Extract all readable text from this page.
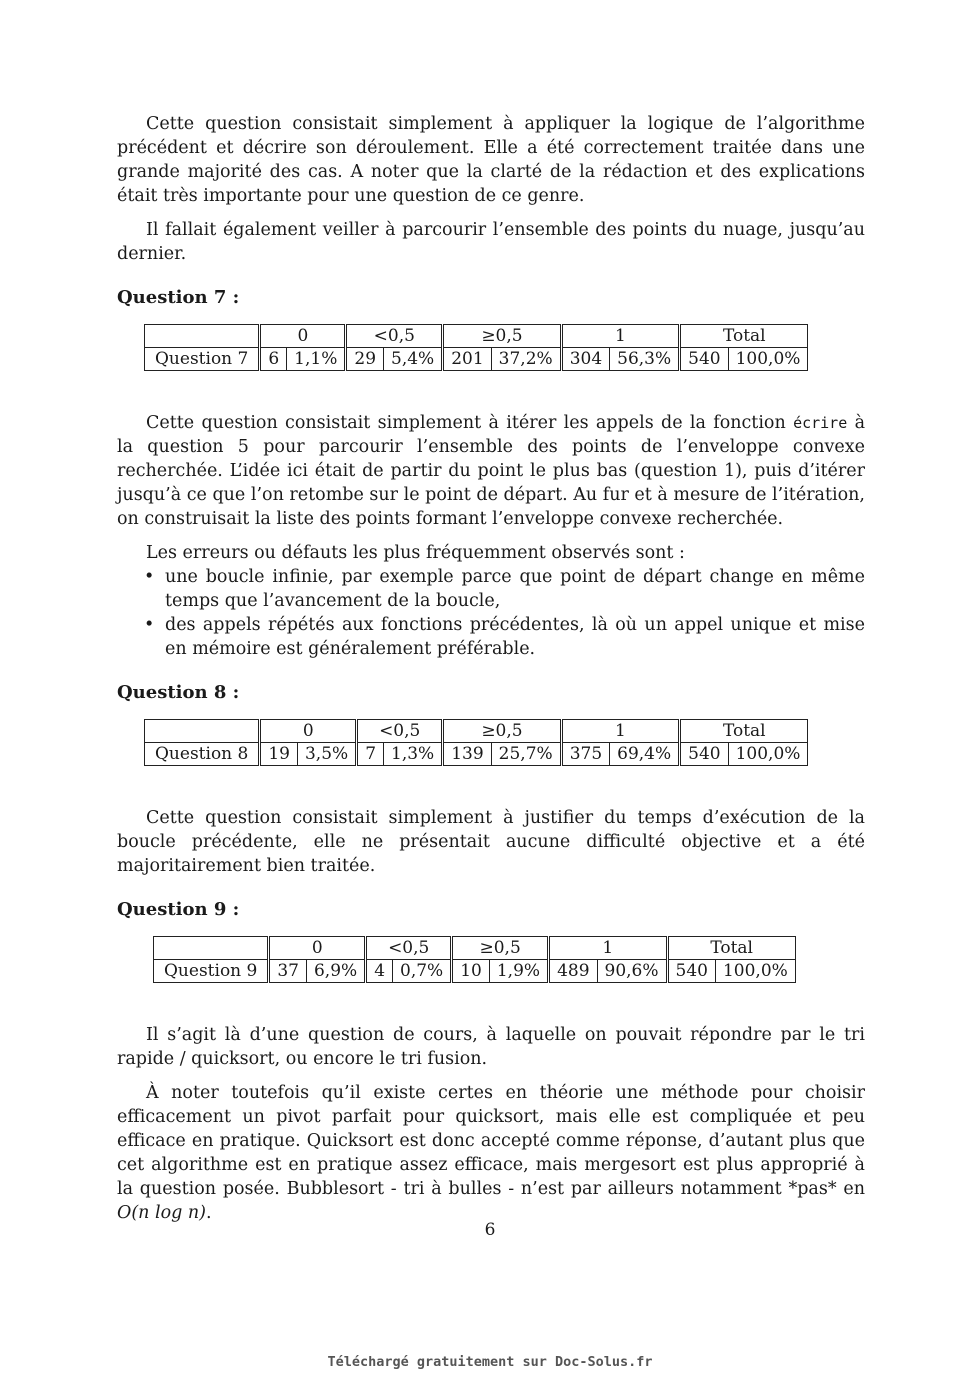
Cette question consistait simplement à appliquer la logique de l’algorithme précédent et décrire son déroulement. Elle a été correctement traitée dans une grande majorité des cas. A noter que la clarté de la rédaction et des explications était très importante pour une question de ce genre.

Il fallait également veiller à parcourir l’ensemble des points du nuage, jusqu’au dernier.

Question 7 :
	0		<0,5		≥0,5		1		Total	
Question 7	6	1,1%	29	5,4%	201	37,2%	304	56,3%	540	100,0%

Cette question consistait simplement à itérer les appels de la fonction écrire à la question 5 pour parcourir l’ensemble des points de l’enveloppe convexe recherchée. L’idée ici était de partir du point le plus bas (question 1), puis d’itérer jusqu’à ce que l’on retombe sur le point de départ. Au fur et à mesure de l’itération, on construisait la liste des points formant l’enveloppe convexe recherchée.

Les erreurs ou défauts les plus fréquemment observés sont :

• une boucle infinie, par exemple parce que point de départ change en même temps que l’avancement de la boucle,
• des appels répétés aux fonctions précédentes, là où un appel unique et mise en mémoire est généralement préférable.
Question 8 :
	0		<0,5		≥0,5		1		Total	
Question 8	19	3,5%	7	1,3%	139	25,7%	375	69,4%	540	100,0%

Cette question consistait simplement à justifier du temps d’exécution de la boucle précédente, elle ne présentait aucune difficulté objective et a été majoritairement bien traitée.

Question 9 :
	0		<0,5		≥0,5		1		Total	
Question 9	37	6,9%	4	0,7%	10	1,9%	489	90,6%	540	100,0%

Il s’agit là d’une question de cours, à laquelle on pouvait répondre par le tri rapide / quicksort, ou encore le tri fusion.

À noter toutefois qu’il existe certes en théorie une méthode pour choisir efficacement un pivot parfait pour quicksort, mais elle est compliquée et peu efficace en pratique. Quicksort est donc accepté comme réponse, d’autant plus que cet algorithme est en pratique assez efficace, mais mergesort est plus approprié à la question posée. Bubblesort - tri à bulles - n’est par ailleurs notamment *pas* en O(n log n).

6
Téléchargé gratuitement sur Doc-Solus.fr
